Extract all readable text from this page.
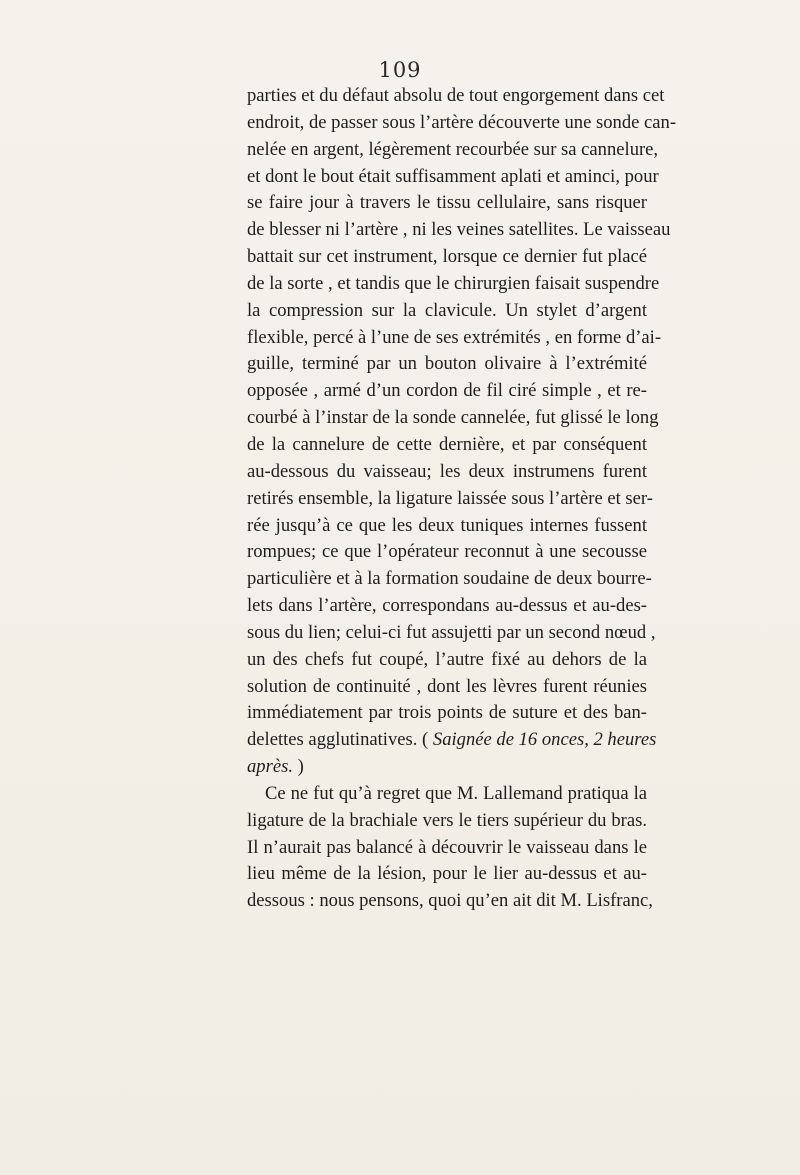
109
parties et du défaut absolu de tout engorgement dans cet
endroit, de passer sous l’artère découverte une sonde can-
nelée en argent, légèrement recourbée sur sa cannelure,
et dont le bout était suffisamment aplati et aminci, pour
se faire jour à travers le tissu cellulaire, sans risquer
de blesser ni l’artère , ni les veines satellites. Le vaisseau
battait sur cet instrument, lorsque ce dernier fut placé
de la sorte , et tandis que le chirurgien faisait suspendre
la compression sur la clavicule. Un stylet d’argent
flexible, percé à l’une de ses extrémités , en forme d’ai-
guille, terminé par un bouton olivaire à l’extrémité
opposée , armé d’un cordon de fil ciré simple , et re-
courbé à l’instar de la sonde cannelée, fut glissé le long
de la cannelure de cette dernière, et par conséquent
au-dessous du vaisseau; les deux instrumens furent
retirés ensemble, la ligature laissée sous l’artère et ser-
rée jusqu’à ce que les deux tuniques internes fussent
rompues; ce que l’opérateur reconnut à une secousse
particulière et à la formation soudaine de deux bourre-
lets dans l’artère, correspondans au-dessus et au-des-
sous du lien; celui-ci fut assujetti par un second nœud ,
un des chefs fut coupé, l’autre fixé au dehors de la
solution de continuité , dont les lèvres furent réunies
immédiatement par trois points de suture et des ban-
delettes agglutinatives. ( Saignée de 16 onces, 2 heures
après. )
Ce ne fut qu’à regret que M. Lallemand pratiqua la
ligature de la brachiale vers le tiers supérieur du bras.
Il n’aurait pas balancé à découvrir le vaisseau dans le
lieu même de la lésion, pour le lier au-dessus et au-
dessous : nous pensons, quoi qu’en ait dit M. Lisfranc,
